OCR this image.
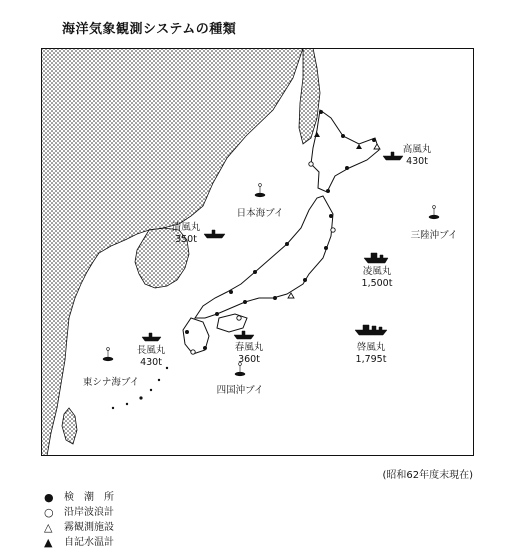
海洋気象観測システムの種類
高風丸
430t
清風丸
350t
凌風丸
1,500t
長風丸
430t
春風丸
360t
啓風丸
1,795t
日本海ブイ
三陸沖ブイ
東シナ海ブイ
四国沖ブイ
(昭和62年度末現在)
●	検　潮　所
○	沿岸波浪計
△	霧観測施設
▲	自記水温計
